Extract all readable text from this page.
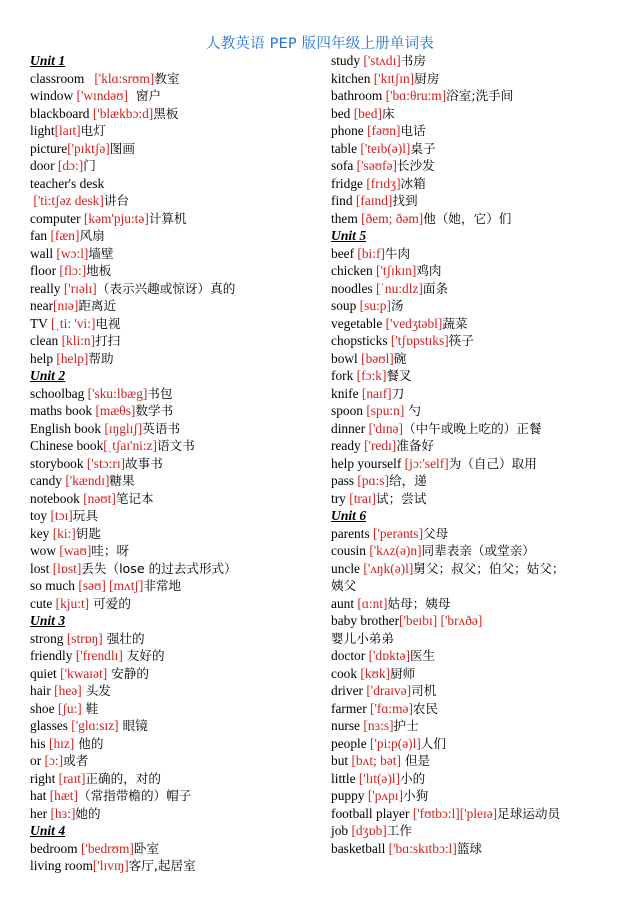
人教英语 PEP 版四年级上册单词表
Unit 1
classroom   ['klɑ:srʊm]教室
window ['wɪndəʊ]  窗户
blackboard ['blækbɔ:d]黑板
light[laɪt]电灯
picture['pɪktʃə]图画
door [dɔ:]门
teacher's desk
['ti:tʃəz desk]讲台
computer [kəm'pju:tə]计算机
fan [fæn]风扇
wall [wɔ:l]墙壁
floor [flɔ:]地板
really ['rɪəlɪ]（表示兴趣或惊讶）真的
near[nɪə]距离近
TV [ˌti: 'vi:]电视
clean [kli:n]打扫
help [help]帮助
Unit 2
schoolbag ['sku:lbæg]书包
maths book [mæθs]数学书
English book [ɪŋglɪʃ]英语书
Chinese book[ˌtʃaɪ'ni:z]语文书
storybook ['stɔ:rɪ]故事书
candy ['kændɪ]糖果
notebook [nəʊt]笔记本
toy [tɔɪ]玩具
key [ki:]钥匙
wow [waʊ]哇；呀
lost [lɒst]丢失（lose 的过去式形式）
so much [səʊ] [mʌtʃ]非常地
cute [kju:t] 可爱的
Unit 3
strong [strɒŋ] 强壮的
friendly ['frendlɪ] 友好的
quiet ['kwaɪət] 安静的
hair [heə] 头发
shoe [ʃu:] 鞋
glasses ['glɑ:sɪz] 眼镜
his [hɪz] 他的
or [ɔ:]或者
right [raɪt]正确的，对的
hat [hæt]（常指带檐的）帽子
her [hɜ:]她的
Unit 4
bedroom ['bedrʊm]卧室
living room['lɪvɪŋ]客厅,起居室
study ['stʌdɪ]书房
kitchen ['kɪtʃɪn]厨房
bathroom ['bɑ:θru:m]浴室;洗手间
bed [bed]床
phone [fəʊn]电话
table ['teɪb(ə)l]桌子
sofa ['səʊfə]长沙发
fridge [frɪdʒ]冰箱
find [faɪnd]找到
them [ðem; ðəm]他（她，它）们
Unit 5
beef [bi:f]牛肉
chicken ['tʃɪkɪn]鸡肉
noodles [ˈnu:dlz]面条
soup [su:p]汤
vegetable ['vedʒtəbl]蔬菜
chopsticks ['tʃɒpstɪks]筷子
bowl [bəʊl]碗
fork [fɔ:k]餐叉
knife [naɪf]刀
spoon [spu:n] 勺
dinner ['dɪnə]（中午或晚上吃的）正餐
ready ['redɪ]准备好
help yourself [jɔ:'self]为（自己）取用
pass [pɑ:s]给，递
try [traɪ]试；尝试
Unit 6
parents ['perənts]父母
cousin ['kʌz(ə)n]同辈表亲（或堂亲）
uncle ['ʌŋk(ə)l]舅父；叔父；伯父；姑父；
姨父
aunt [ɑ:nt]姑母；姨母
baby brother['beɪbɪ] ['brʌðə]
婴儿小弟弟
doctor ['dɒktə]医生
cook [kʊk]厨师
driver ['draɪvə]司机
farmer ['fɑ:mə]农民
nurse [nɜ:s]护士
people ['pi:p(ə)l]人们
but [bʌt; bət] 但是
little ['lɪt(ə)l]小的
puppy ['pʌpɪ]小狗
football player ['fʊtbɔ:l]['pleɪə]足球运动员
job [dʒɒb]工作
basketball ['bɑ:skɪtbɔ:l]篮球
